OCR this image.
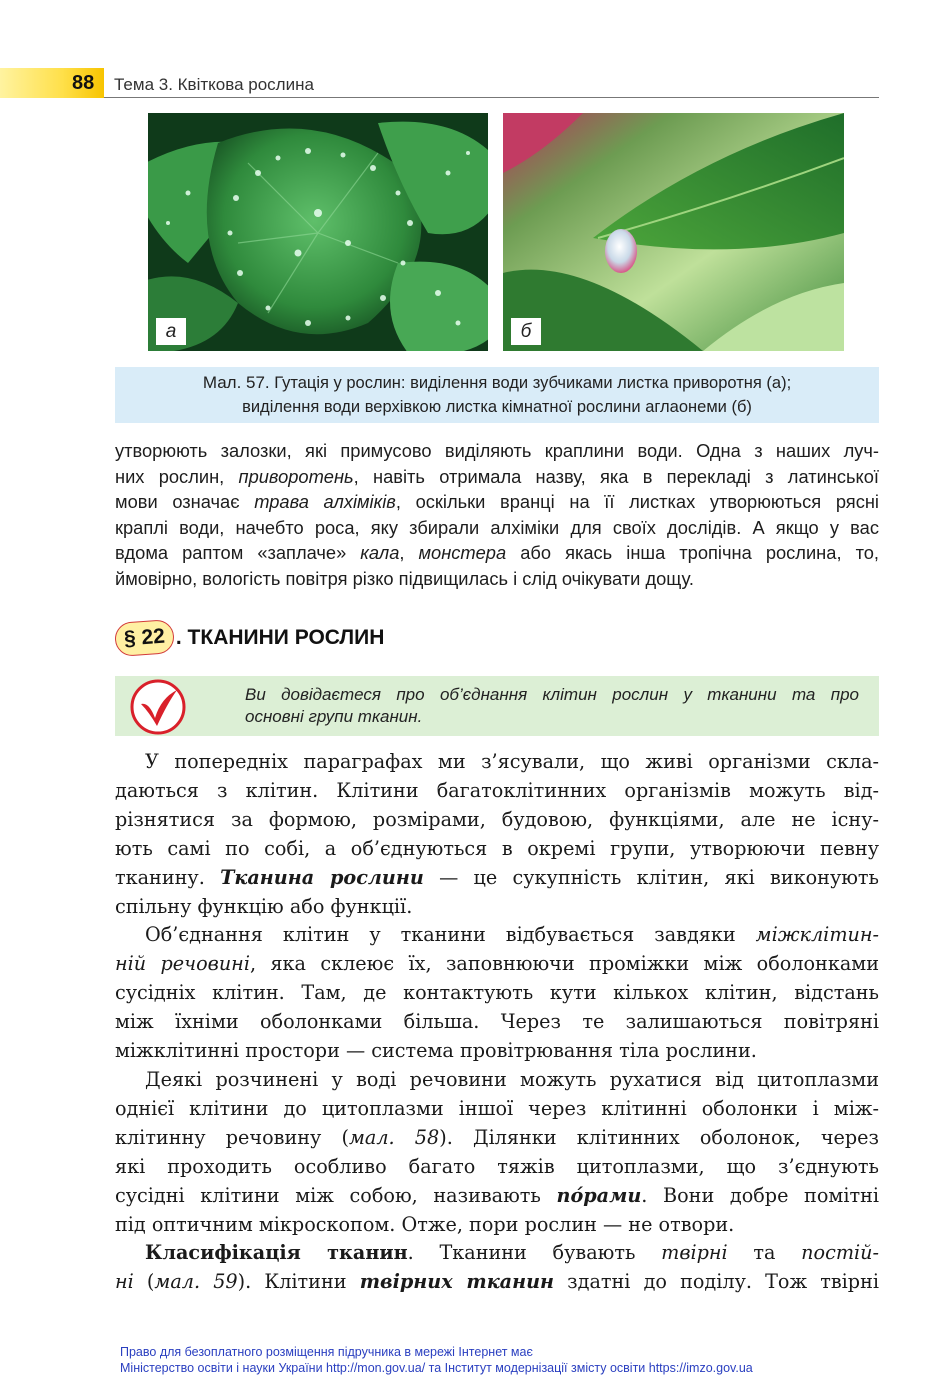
88 Тема 3. Квіткова рослина
а	б
Мал. 57. Гутація у рослин: виділення води зубчиками листка приворотня (а);
виділення води верхівкою листка кімнатної рослини аглаонеми (б)
утворюють залозки, які примусово виділяють краплини води. Одна з наших луч-
них рослин, приворотень, навіть отримала назву, яка в перекладі з латинської
мови означає трава алхіміків, оскільки вранці на її листках утворюються рясні
краплі води, начебто роса, яку збирали алхіміки для своїх дослідів. А якщо у вас
вдома раптом «заплаче» кала, монстера або якась інша тропічна рослина, то,
ймовірно, вологість повітря різко підвищилась і слід очікувати дощу.
§ 22 . ТКАНИНИ РОСЛИН
Ви довідаєтеся про об’єднання клітин рослин у тканини та про
основні групи тканин.
У попередніх параграфах ми з’ясували, що живі організми скла-
даються з клітин. Клітини багатоклітинних організмів можуть від-
різнятися за формою, розмірами, будовою, функціями, але не існу-
ють самі по собі, а об’єднуються в окремі групи, утворюючи певну
тканину. Тканина рослини — це сукупність клітин, які виконують
спільну функцію або функції.
Об’єднання клітин у тканини відбувається завдяки міжклітин-
ній речовині, яка склеює їх, заповнюючи проміжки між оболонками
сусідніх клітин. Там, де контактують кути кількох клітин, відстань
між їхніми оболонками більша. Через те залишаються повітряні
міжклітинні простори — система провітрювання тіла рослини.
Деякі розчинені у воді речовини можуть рухатися від цитоплазми
однієї клітини до цитоплазми іншої через клітинні оболонки і між-
клітинну речовину (мал. 58). Ділянки клітинних оболонок, через
які проходить особливо багато тяжів цитоплазми, що з’єднують
сусідні клітини між собою, називають по́рами. Вони добре помітні
під оптичним мікроскопом. Отже, пори рослин — не отвори.
Класифікація тканин. Тканини бувають твірні та постій-
ні (мал. 59). Клітини твірних тканин здатні до поділу. Тож твірні
Право для безоплатного розміщення підручника в мережі Інтернет має
Міністерство освіти і науки України http://mon.gov.ua/ та Інститут модернізації змісту освіти https://imzo.gov.ua
